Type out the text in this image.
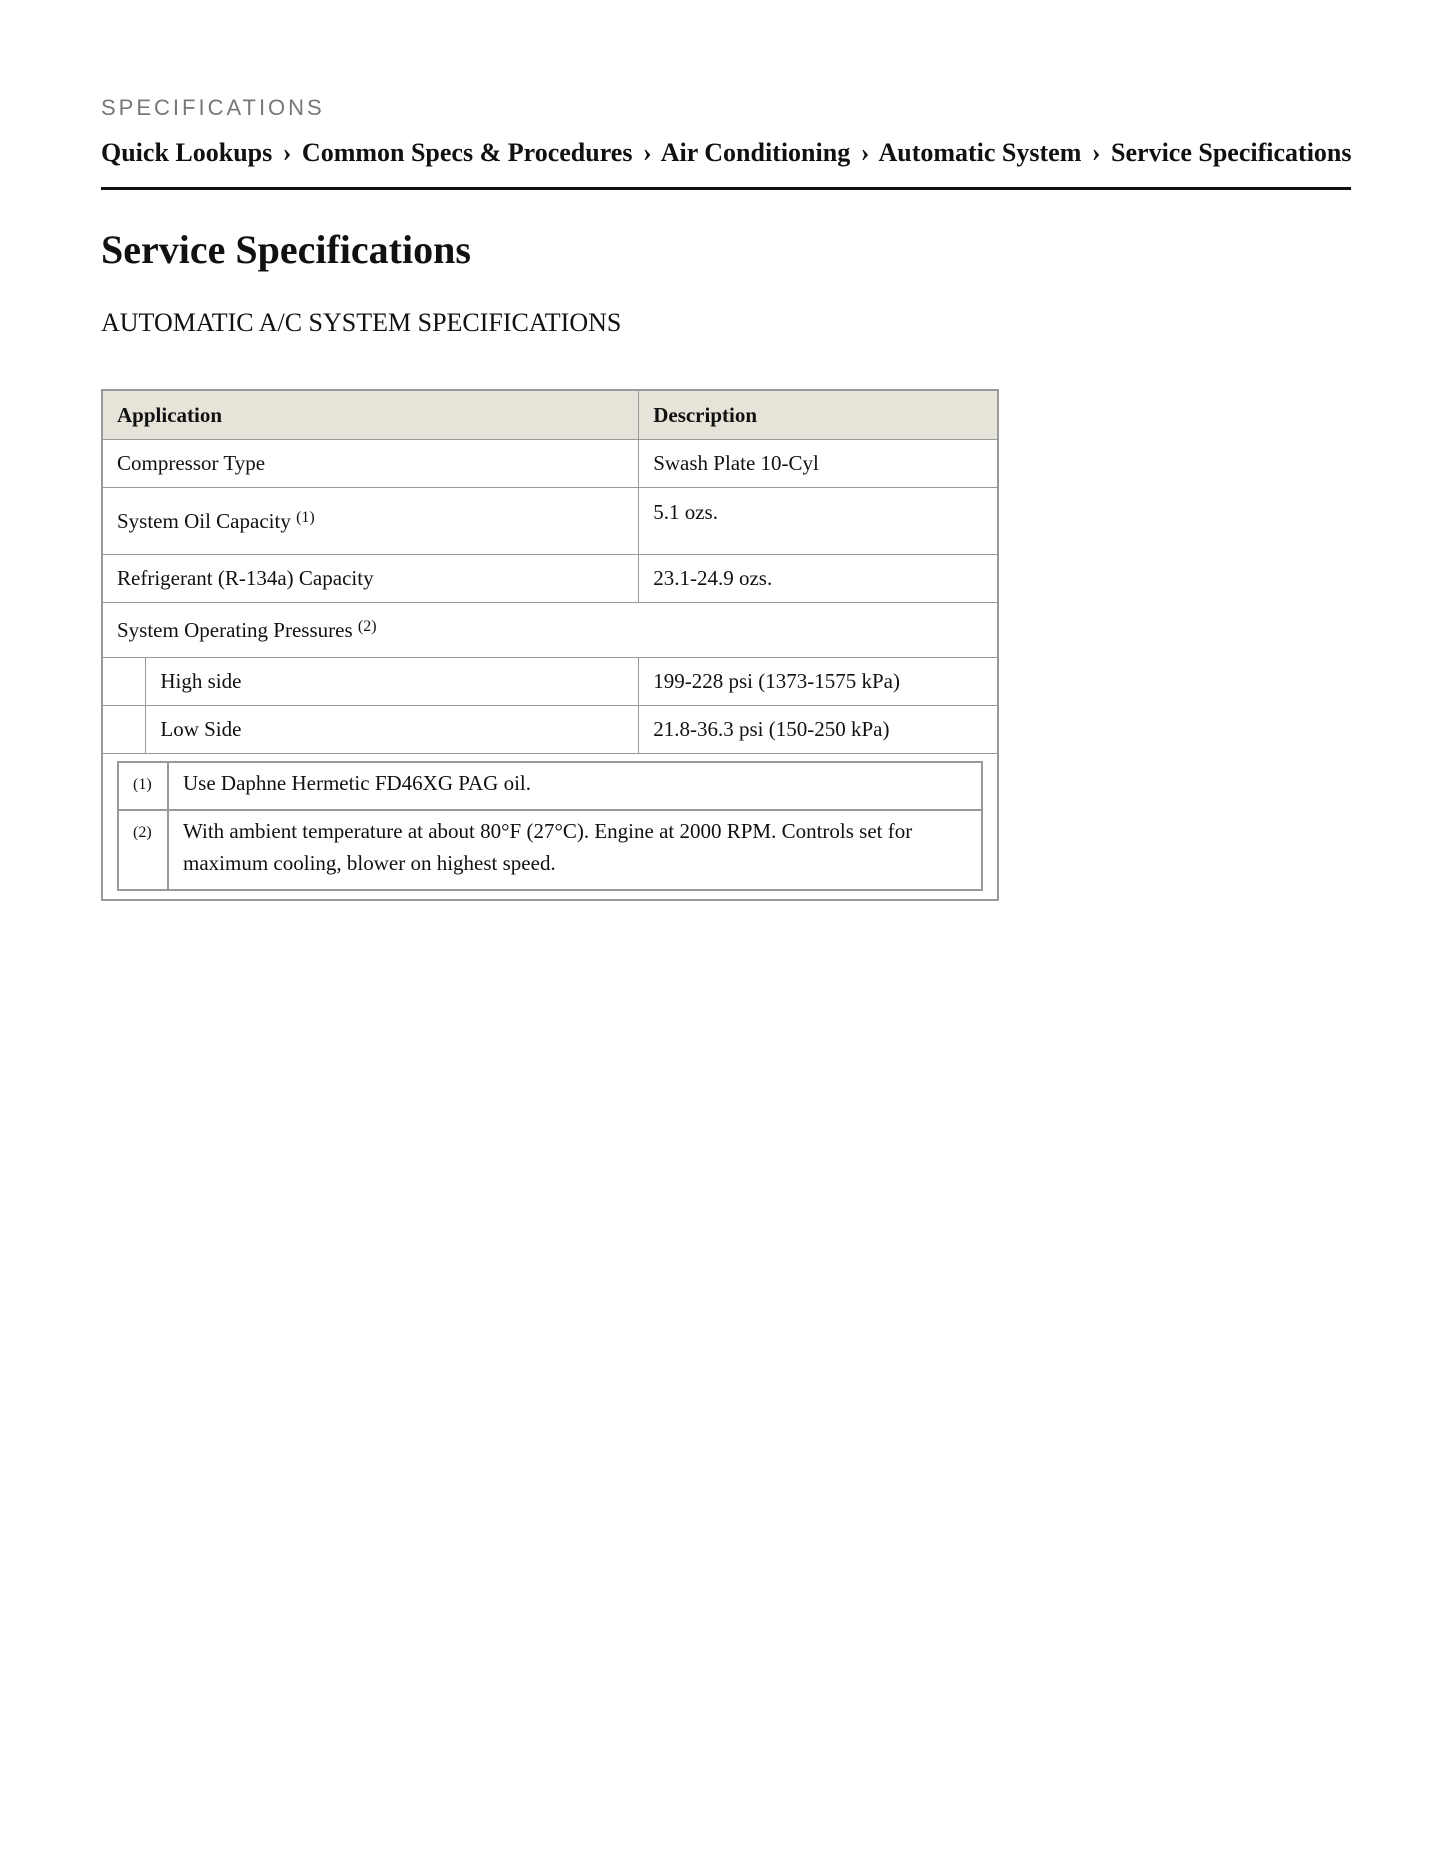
SPECIFICATIONS
Quick Lookups › Common Specs & Procedures › Air Conditioning › Automatic System › Service Specifications
Service Specifications
AUTOMATIC A/C SYSTEM SPECIFICATIONS
Application	Description
Compressor Type	Swash Plate 10-Cyl
System Oil Capacity $^{(1)}$	5.1 ozs.
Refrigerant (R-134a) Capacity	23.1-24.9 ozs.
System Operating Pressures $^{(2)}$
	High side	199-228 psi (1373-1575 kPa)
	Low Side	21.8-36.3 psi (150-250 kPa)

(1)	Use Daphne Hermetic FD46XG PAG oil.
(2)	With ambient temperature at about 80°F (27°C). Engine at 2000 RPM. Controls set for maximum cooling, blower on highest speed.
